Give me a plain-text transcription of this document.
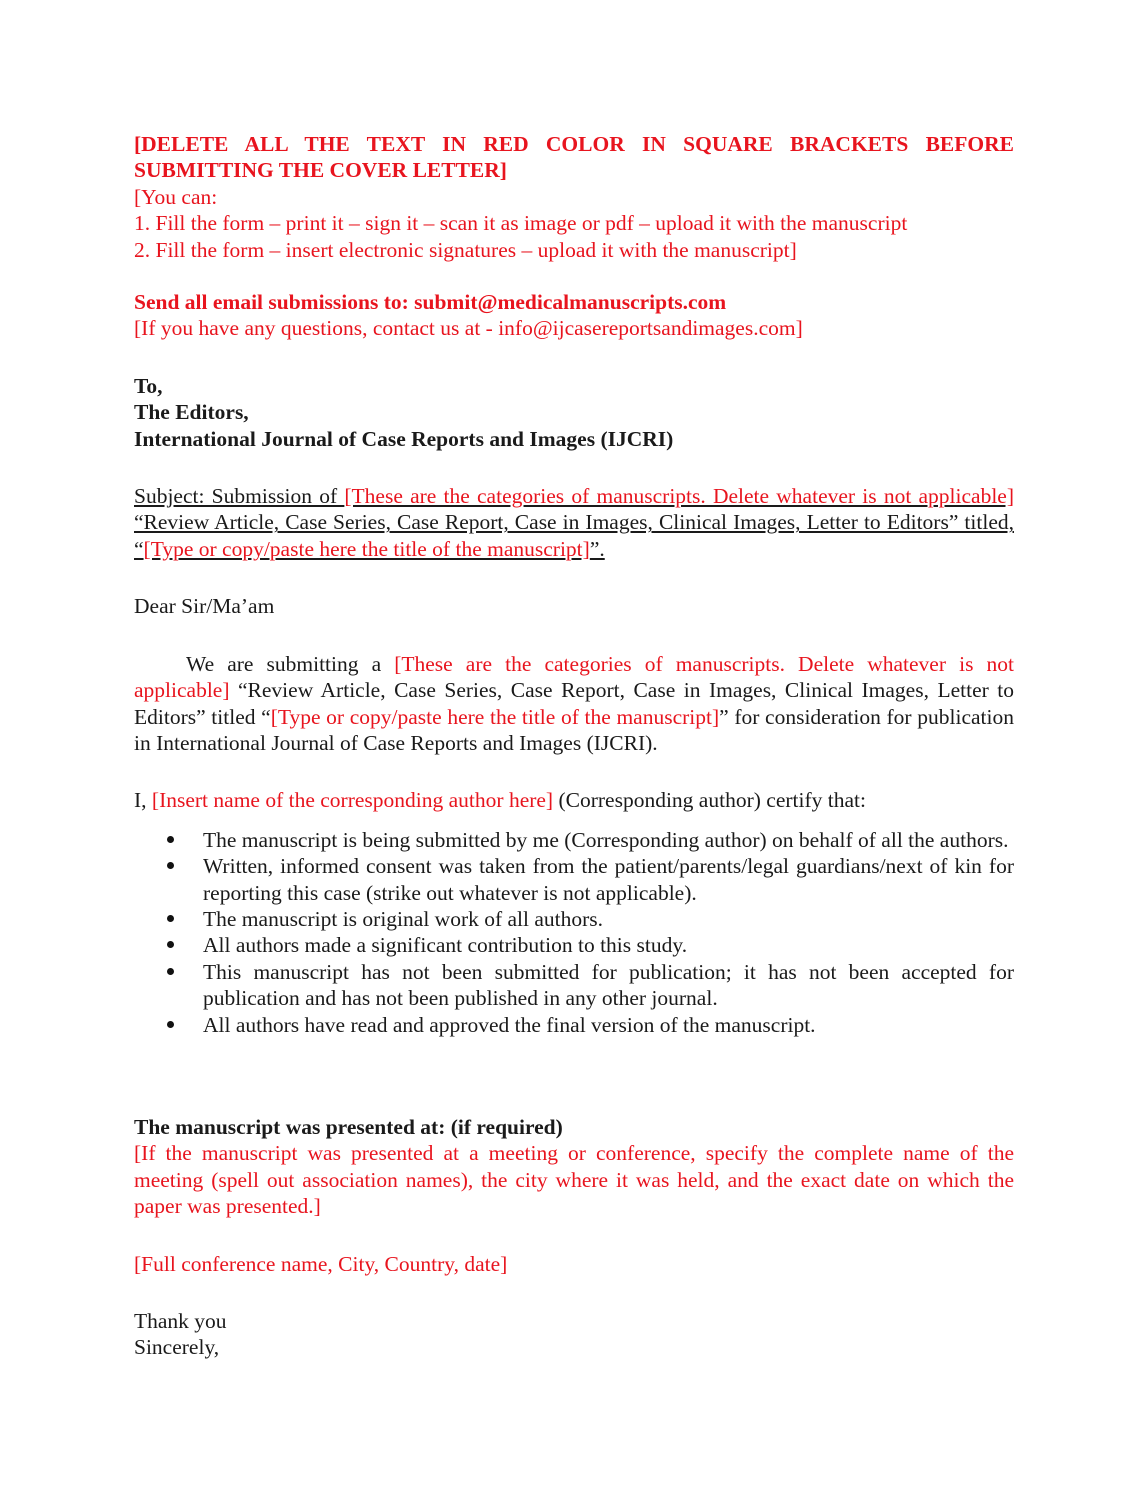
[DELETE ALL THE TEXT IN RED COLOR IN SQUARE BRACKETS BEFORE SUBMITTING THE COVER LETTER]

[You can:

1. Fill the form – print it – sign it – scan it as image or pdf – upload it with the manuscript

2. Fill the form – insert electronic signatures – upload it with the manuscript]

Send all email submissions to: submit@medicalmanuscripts.com

[If you have any questions, contact us at - info@ijcasereportsandimages.com]

To,

The Editors,

International Journal of Case Reports and Images (IJCRI)

Subject: Submission of [These are the categories of manuscripts. Delete whatever is not applicable] “Review Article, Case Series, Case Report, Case in Images, Clinical Images, Letter to Editors” titled, “[Type or copy/paste here the title of the manuscript]”.

Dear Sir/Ma’am

We are submitting a [These are the categories of manuscripts. Delete whatever is not applicable] “Review Article, Case Series, Case Report, Case in Images, Clinical Images, Letter to Editors” titled “[Type or copy/paste here the title of the manuscript]” for consideration for publication in International Journal of Case Reports and Images (IJCRI).

I, [Insert name of the corresponding author here] (Corresponding author) certify that:

The manuscript is being submitted by me (Corresponding author) on behalf of all the authors.
Written, informed consent was taken from the patient/parents/legal guardians/next of kin for reporting this case (strike out whatever is not applicable).
The manuscript is original work of all authors.
All authors made a significant contribution to this study.
This manuscript has not been submitted for publication; it has not been accepted for publication and has not been published in any other journal.
All authors have read and approved the final version of the manuscript.

The manuscript was presented at: (if required)

[If the manuscript was presented at a meeting or conference, specify the complete name of the meeting (spell out association names), the city where it was held, and the exact date on which the paper was presented.]

[Full conference name, City, Country, date]

Thank you

Sincerely,
